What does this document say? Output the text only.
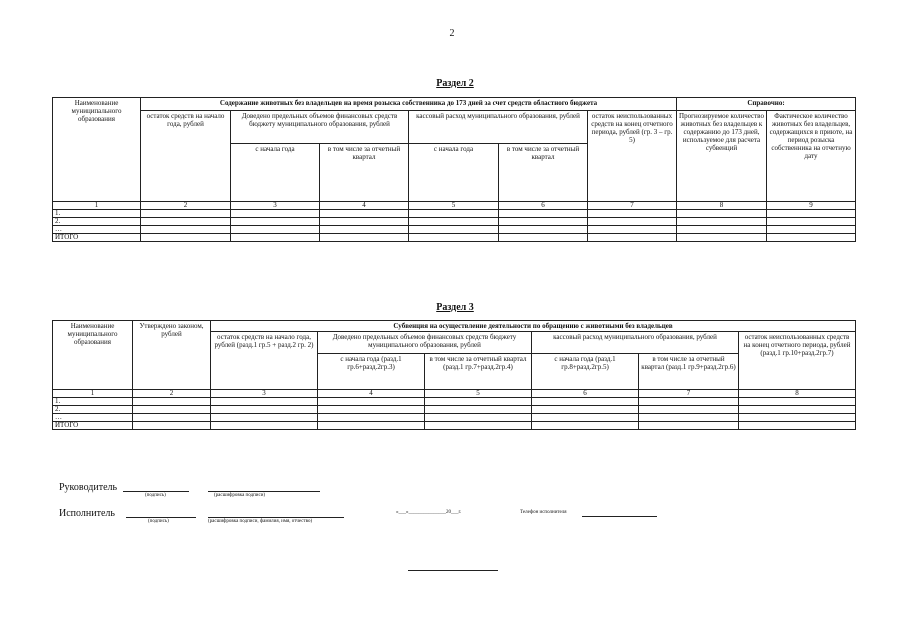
2
Раздел 2
Наименование муниципального образования	Содержание животных без владельцев на время розыска собственника до 173 дней за счет средств областного бюджета						Справочно:	
	остаток средств на начало года, рублей	Доведено предельных объемов финансовых средств бюджету муниципального образования, рублей		кассовый расход муниципального образования, рублей		остаток неиспользованных средств на конец отчетного периода, рублей (гр. 3 – гр. 5)	Прогнозируемое количество животных без владельцев к содержанию до 173 дней, используемое для расчета субвенций	Фактическое количество животных без владельцев, содержащихся в приюте, на период розыска собственника на отчетную дату
		с начала года	в том числе за отчетный квартал	с начала года	в том числе за отчетный квартал			
1	2	3	4	5	6	7	8	9
1.								
2.								
…								
ИТОГО								
Раздел 3
Наименование муниципального образования	Утверждено законом, рублей	Субвенция на осуществление деятельности по обращению с животными без владельцев					
		остаток средств на начало года, рублей (разд.1 гр.5 + разд.2 гр. 2)	Доведено предельных объемов финансовых средств бюджету муниципального образования, рублей		кассовый расход муниципального образования, рублей		остаток неиспользованных средств на конец отчетного периода, рублей (разд.1 гр.10+разд.2гр.7)
			с начала года (разд.1 гр.6+разд.2гр.3)	в том числе за отчетный квартал (разд.1 гр.7+разд.2гр.4)	с начала года (разд.1 гр.8+разд.2гр.5)	в том числе за отчетный квартал (разд.1 гр.9+разд.2гр.6)	
1	2	3	4	5	6	7	8
1.							
2.							
…							
ИТОГО							
Руководитель
(подпись)	(расшифровка подписи)
Исполнитель
(подпись)	(расшифровка подписи, фамилия, имя, отчество)
«___»_______________20___г.	Телефон исполнителя
